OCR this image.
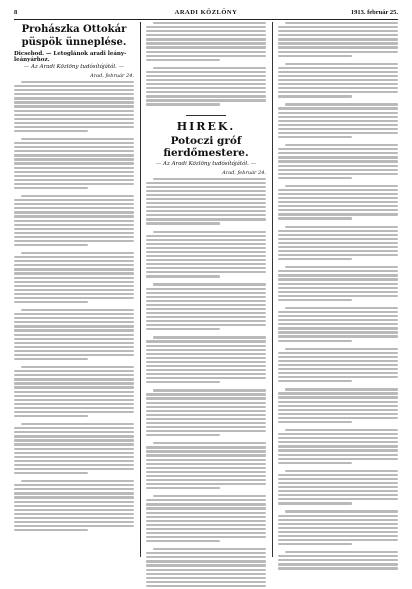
8	ARADI KÖZLÖNY	1913. február 25.
Prohászka Ottokár
püspök ünneplése.
Dicsebod. — Letoglánok aradi leány-leányárhoz.
— Az Aradi Közlöny tudósítójától. —
Arad, február 24.
HIREK.
Potoczi gróf fierdőmestere.
— Az Aradi Közlöny tudósítójától. —
Arad, február 24.
